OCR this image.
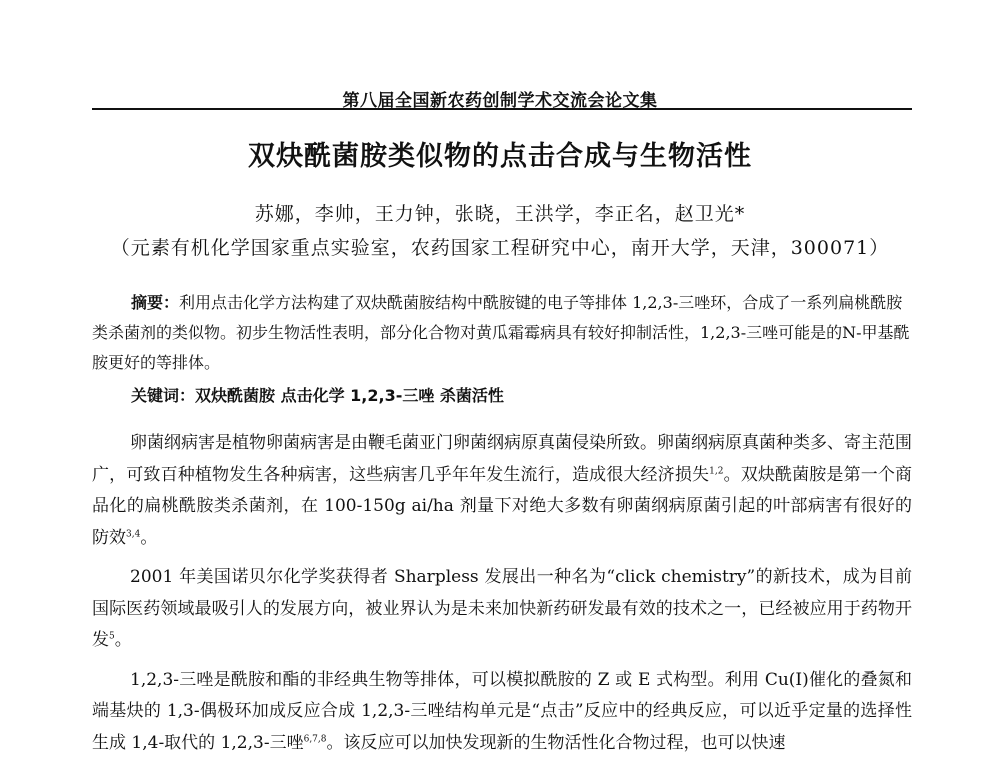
第八届全国新农药创制学术交流会论文集
双炔酰菌胺类似物的点击合成与生物活性
苏娜，李帅，王力钟，张晓，王洪学，李正名，赵卫光*
（元素有机化学国家重点实验室，农药国家工程研究中心，南开大学，天津，300071）
摘要：利用点击化学方法构建了双炔酰菌胺结构中酰胺键的电子等排体 1,2,3-三唑环，合成了一系列扁桃酰胺类杀菌剂的类似物。初步生物活性表明，部分化合物对黄瓜霜霉病具有较好抑制活性，1,2,3-三唑可能是的N-甲基酰胺更好的等排体。
关键词：双炔酰菌胺 点击化学 1,2,3-三唑 杀菌活性

卵菌纲病害是植物卵菌病害是由鞭毛菌亚门卵菌纲病原真菌侵染所致。卵菌纲病原真菌种类多、寄主范围广，可致百种植物发生各种病害，这些病害几乎年年发生流行，造成很大经济损失$^{1,2}$。双炔酰菌胺是第一个商品化的扁桃酰胺类杀菌剂，在 100-150g ai/ha 剂量下对绝大多数有卵菌纲病原菌引起的叶部病害有很好的防效$^{3,4}$。

2001 年美国诺贝尔化学奖获得者 Sharpless 发展出一种名为“click chemistry”的新技术，成为目前国际医药领域最吸引人的发展方向，被业界认为是未来加快新药研发最有效的技术之一，已经被应用于药物开发$^5$。

1,2,3-三唑是酰胺和酯的非经典生物等排体，可以模拟酰胺的 Z 或 E 式构型。利用 Cu(I)催化的叠氮和端基炔的 1,3-偶极环加成反应合成 1,2,3-三唑结构单元是“点击”反应中的经典反应，可以近乎定量的选择性生成 1,4-取代的 1,2,3-三唑$^{6,7,8}$。该反应可以加快发现新的生物活性化合物过程，也可以快速
